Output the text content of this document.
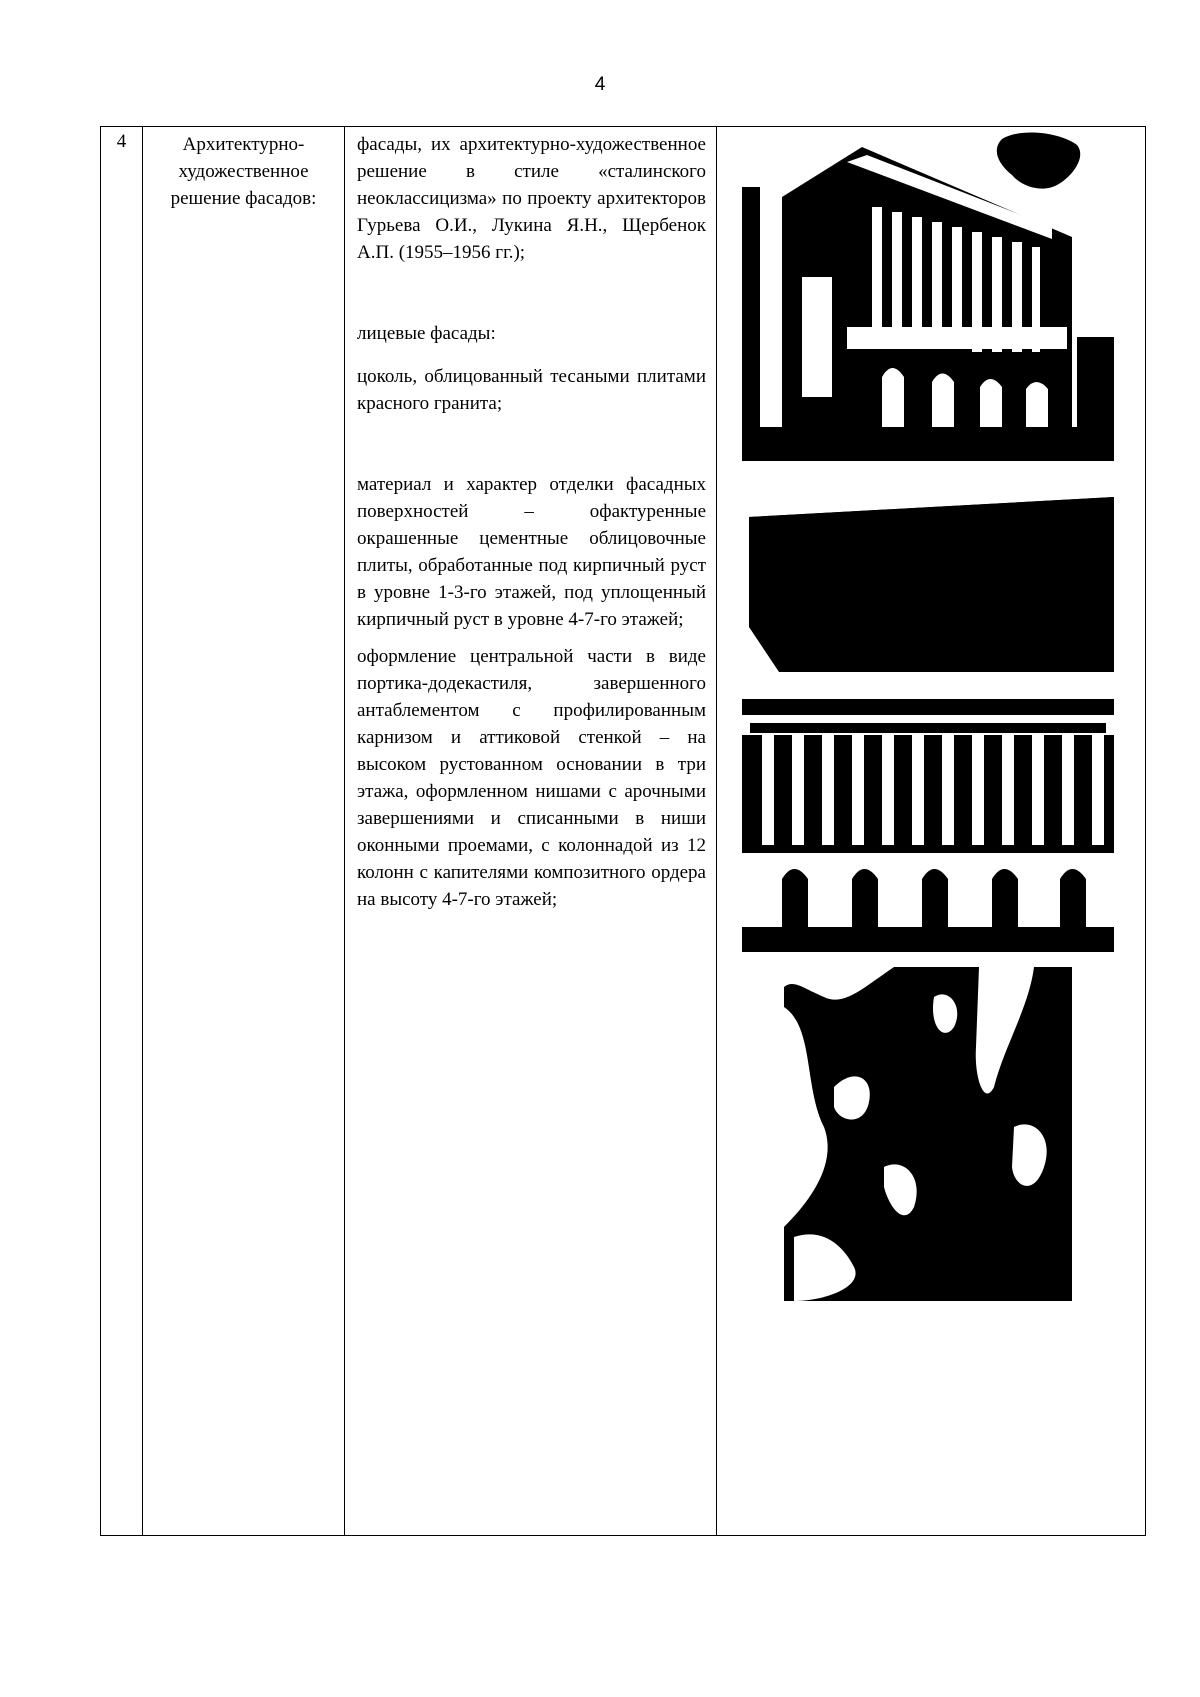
4
4	Архитектурно-художественное решение фасадов:	

фасады, их архитектурно-художественное решение в стиле «сталинского неоклассицизма» по проекту архитекторов Гурьева О.И., Лукина Я.Н., Щербенок А.П. (1955–1956 гг.);

лицевые фасады:

цоколь, облицованный тесаными плитами красного гранита;

материал и характер отделки фасадных поверхностей – офактуренные окрашенные цементные облицовочные плиты, обработанные под кирпичный руст в уровне 1-3-го этажей, под уплощенный кирпичный руст в уровне 4-7-го этажей;

оформление центральной части в виде портика-додекастиля, завершенного антаблементом с профилированным карнизом и аттиковой стенкой – на высоком рустованном основании в три этажа, оформленном нишами с арочными завершениями и списанными в ниши оконными проемами, с колоннадой из 12 колонн с капителями композитного ордера на высоту 4-7-го этажей;
